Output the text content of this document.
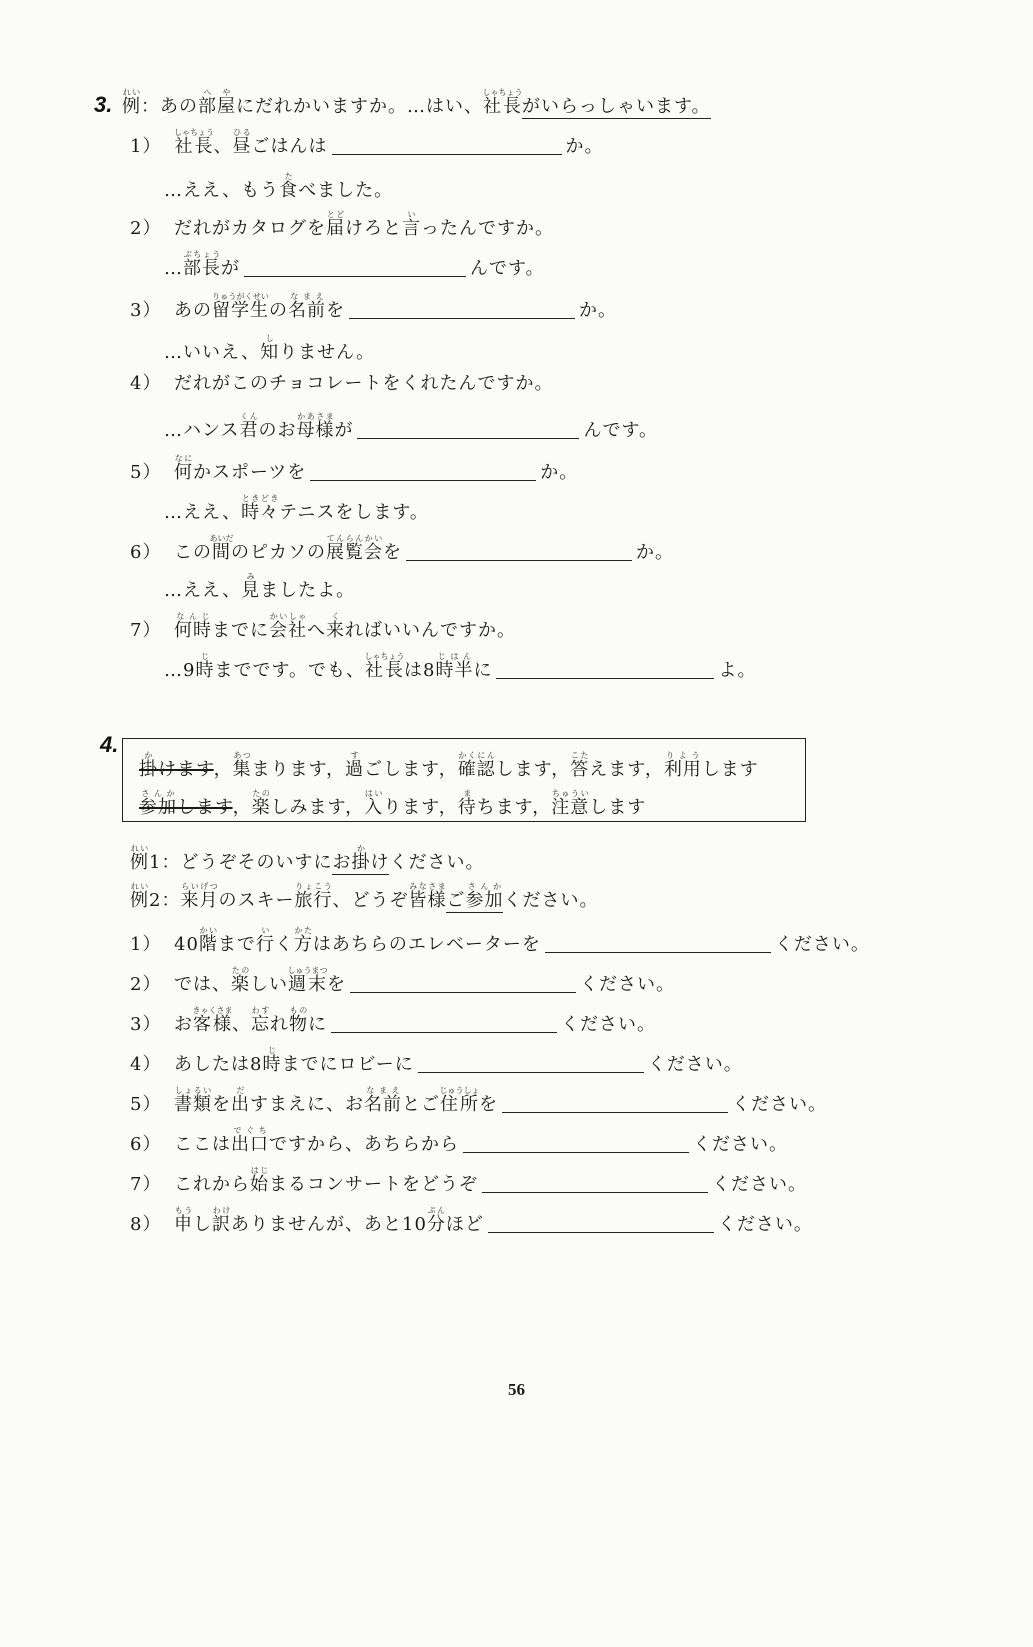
3. 例れい：あの部屋へやにだれかいますか。…はい、社長しゃちょうがいらっしゃいます。
1） 社長しゃちょう、昼ひるごはんは	か。
…ええ、もう食たべました。
2） だれがカタログを届とどけろと言いったんですか。
…部長ぶちょうが	んです。
3） あの留学生りゅうがくせいの名前なまえを	か。
…いいえ、知しりません。
4） だれがこのチョコレートをくれたんですか。
…ハンス君くんのお母様かあさまが	んです。
5） 何なにかスポーツを	か。
…ええ、時々ときどきテニスをします。
6） この間あいだのピカソの展覧会てんらんかいを	か。
…ええ、見みましたよ。
7） 何時なんじまでに会社かいしゃへ来くればいいんですか。
…9時じまでです。でも、社長しゃちょうは8時半じはんに	よ。
4.
掛かけます，集あつまります，過すごします，確認かくにんします，答こたえます，利用りようします
参加さんかします，楽たのしみます，入はいります，待まちます，注意ちゅういします
例れい1：どうぞそのいすにお掛かけください。
例れい2：来月らいげつのスキー旅行りょこう、どうぞ皆様みなさまご参加さんかください。
1） 40階かいまで行いく方かたはあちらのエレベーターを	ください。
2） では、楽たのしい週末しゅうまつを	ください。
3） お客様きゃくさま、忘わすれ物ものに	ください。
4） あしたは8時じまでにロビーに	ください。
5） 書類しょるいを出だすまえに、お名前なまえとご住所じゅうしょを	ください。
6） ここは出口でぐちですから、あちらから	ください。
7） これから始はじまるコンサートをどうぞ	ください。
8） 申もうし訳わけありませんが、あと10分ぷんほど	ください。
56
